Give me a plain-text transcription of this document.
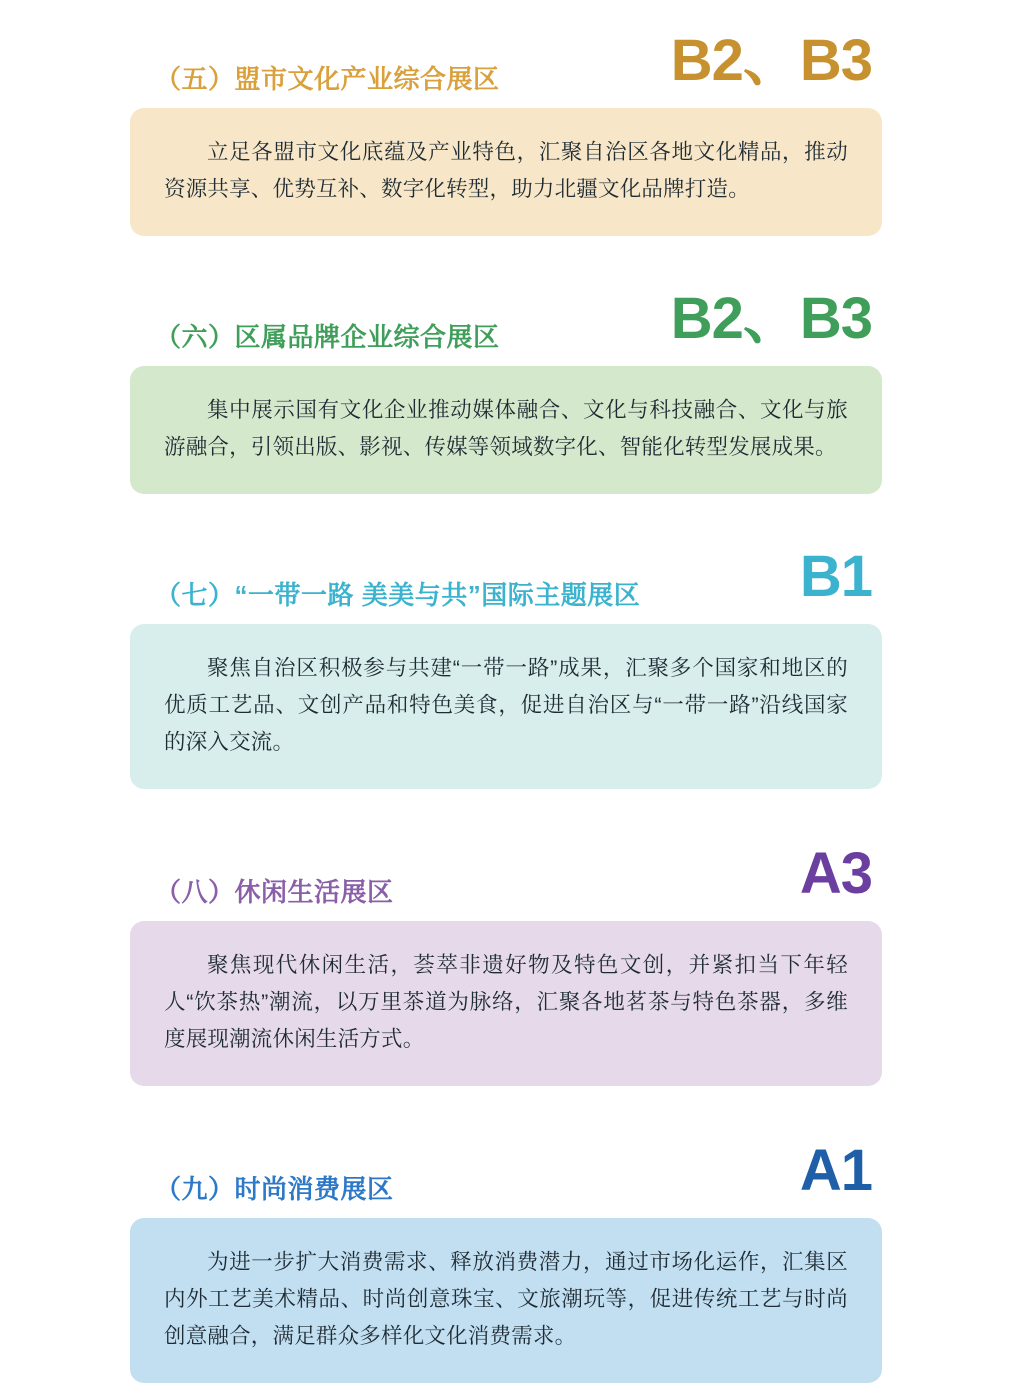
（五）盟市文化产业综合展区	B2、B3

立足各盟市文化底蕴及产业特色，汇聚自治区各地文化精品，推动资源共享、优势互补、数字化转型，助力北疆文化品牌打造。

（六）区属品牌企业综合展区	B2、B3

集中展示国有文化企业推动媒体融合、文化与科技融合、文化与旅游融合，引领出版、影视、传媒等领域数字化、智能化转型发展成果。

（七）“一带一路 美美与共”国际主题展区	B1

聚焦自治区积极参与共建“一带一路”成果，汇聚多个国家和地区的优质工艺品、文创产品和特色美食，促进自治区与“一带一路”沿线国家的深入交流。

（八）休闲生活展区	A3

聚焦现代休闲生活，荟萃非遗好物及特色文创，并紧扣当下年轻人“饮茶热”潮流，以万里茶道为脉络，汇聚各地茗茶与特色茶器，多维度展现潮流休闲生活方式。

（九）时尚消费展区	A1

为进一步扩大消费需求、释放消费潜力，通过市场化运作，汇集区内外工艺美术精品、时尚创意珠宝、文旅潮玩等，促进传统工艺与时尚创意融合，满足群众多样化文化消费需求。
